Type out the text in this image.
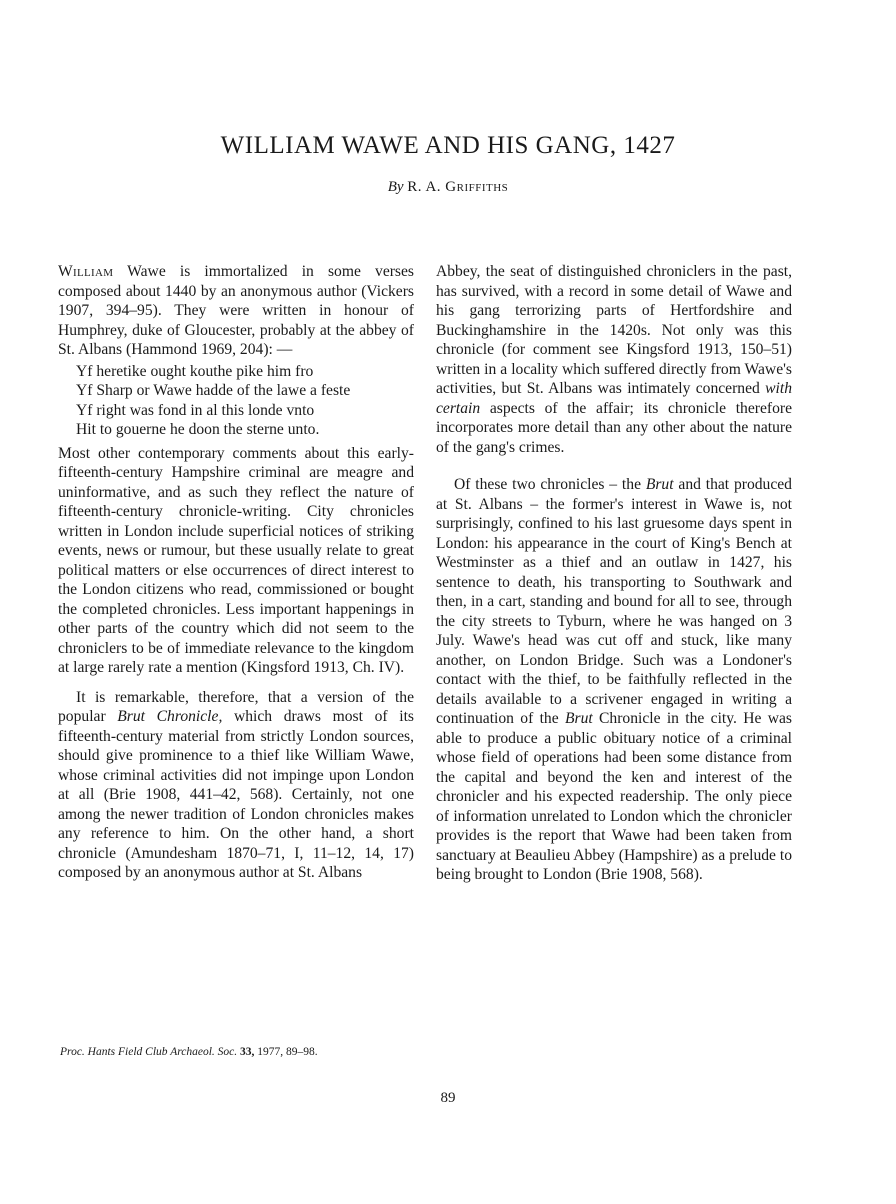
WILLIAM WAWE AND HIS GANG, 1427
By R. A. Griffiths

William Wawe is immortalized in some verses composed about 1440 by an anonymous author (Vickers 1907, 394–95). They were written in honour of Humphrey, duke of Gloucester, probably at the abbey of St. Albans (Hammond 1969, 204): —

Yf heretike ought kouthe pike him fro
Yf Sharp or Wawe hadde of the lawe a feste
Yf right was fond in al this londe vnto
Hit to gouerne he doon the sterne unto.

Most other contemporary comments about this early-fifteenth-century Hampshire criminal are meagre and uninformative, and as such they reflect the nature of fifteenth-century chronicle-writing. City chronicles written in London include superficial notices of striking events, news or rumour, but these usually relate to great political matters or else occurrences of direct interest to the London citizens who read, commissioned or bought the completed chronicles. Less important happenings in other parts of the country which did not seem to the chroniclers to be of immediate relevance to the kingdom at large rarely rate a mention (Kingsford 1913, Ch. IV).

It is remarkable, therefore, that a version of the popular Brut Chronicle, which draws most of its fifteenth-century material from strictly London sources, should give prominence to a thief like William Wawe, whose criminal activities did not impinge upon London at all (Brie 1908, 441–42, 568). Certainly, not one among the newer tradition of London chronicles makes any reference to him. On the other hand, a short chronicle (Amundesham 1870–71, I, 11–12, 14, 17) composed by an anonymous author at St. Albans

Abbey, the seat of distinguished chroniclers in the past, has survived, with a record in some detail of Wawe and his gang terrorizing parts of Hertfordshire and Buckinghamshire in the 1420s. Not only was this chronicle (for comment see Kingsford 1913, 150–51) written in a locality which suffered directly from Wawe's activities, but St. Albans was intimately concerned with certain aspects of the affair; its chronicle therefore incorporates more detail than any other about the nature of the gang's crimes.

Of these two chronicles – the Brut and that produced at St. Albans – the former's interest in Wawe is, not surprisingly, confined to his last gruesome days spent in London: his appearance in the court of King's Bench at Westminster as a thief and an outlaw in 1427, his sentence to death, his transporting to Southwark and then, in a cart, standing and bound for all to see, through the city streets to Tyburn, where he was hanged on 3 July. Wawe's head was cut off and stuck, like many another, on London Bridge. Such was a Londoner's contact with the thief, to be faithfully reflected in the details available to a scrivener engaged in writing a continuation of the Brut Chronicle in the city. He was able to produce a public obituary notice of a criminal whose field of operations had been some distance from the capital and beyond the ken and interest of the chronicler and his expected readership. The only piece of information unrelated to London which the chronicler provides is the report that Wawe had been taken from sanctuary at Beaulieu Abbey (Hampshire) as a prelude to being brought to London (Brie 1908, 568).

Proc. Hants Field Club Archaeol. Soc. 33, 1977, 89–98.
89
